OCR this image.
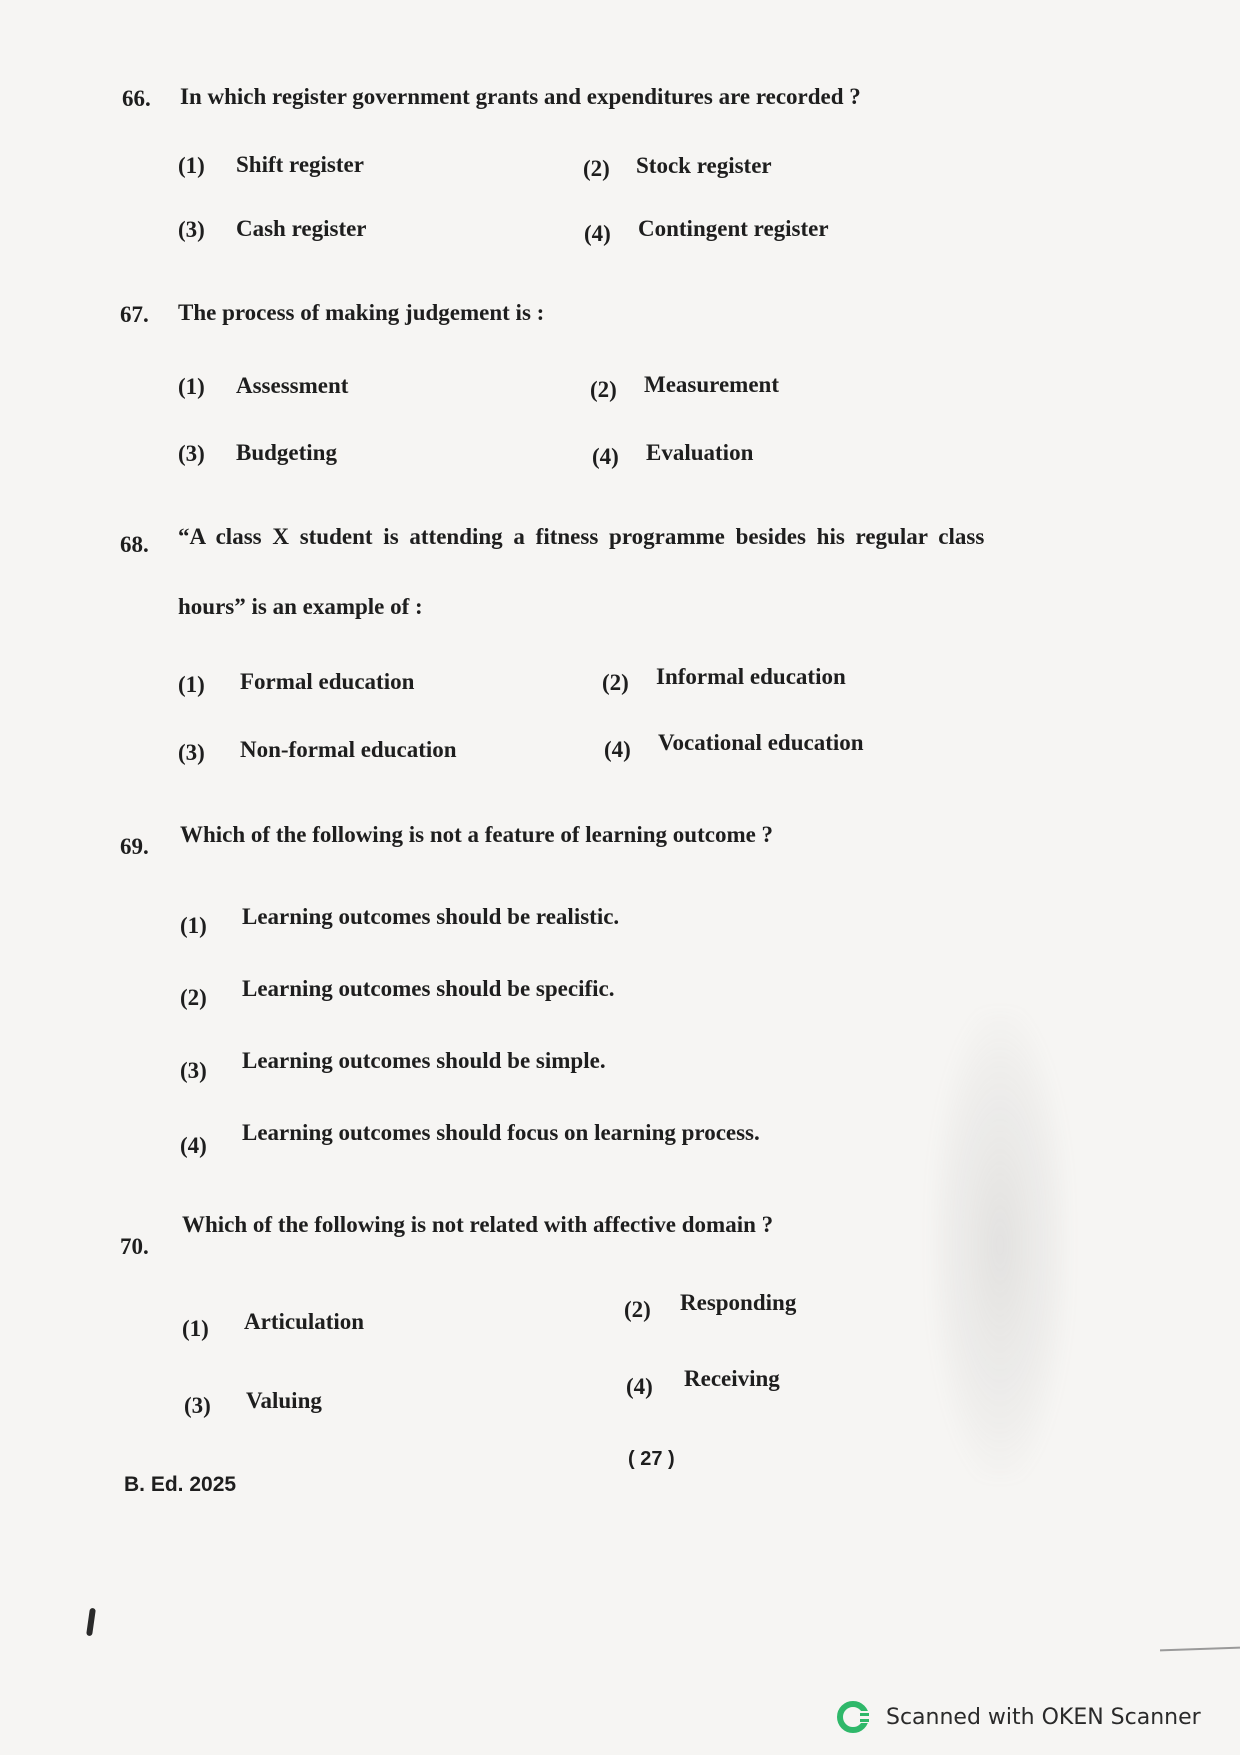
66. In which register government grants and expenditures are recorded ?
(1) Shift register	(2) Stock register
(3) Cash register	(4) Contingent register
67. The process of making judgement is :
(1) Assessment	(2) Measurement
(3) Budgeting	(4) Evaluation
68. “A class X student is attending a fitness programme besides his regular class
hours” is an example of :
(1) Formal education	(2) Informal education
(3) Non-formal education	(4) Vocational education
69. Which of the following is not a feature of learning outcome ?
(1) Learning outcomes should be realistic.
(2) Learning outcomes should be specific.
(3) Learning outcomes should be simple.
(4)
Learning outcomes should focus on learning process.
70.
Which of the following is not related with affective domain ?
(1) Articulation	(2) Responding
(3) Valuing
(4) Receiving
( 27 )
B. Ed. 2025
Scanned with OKEN Scanner
